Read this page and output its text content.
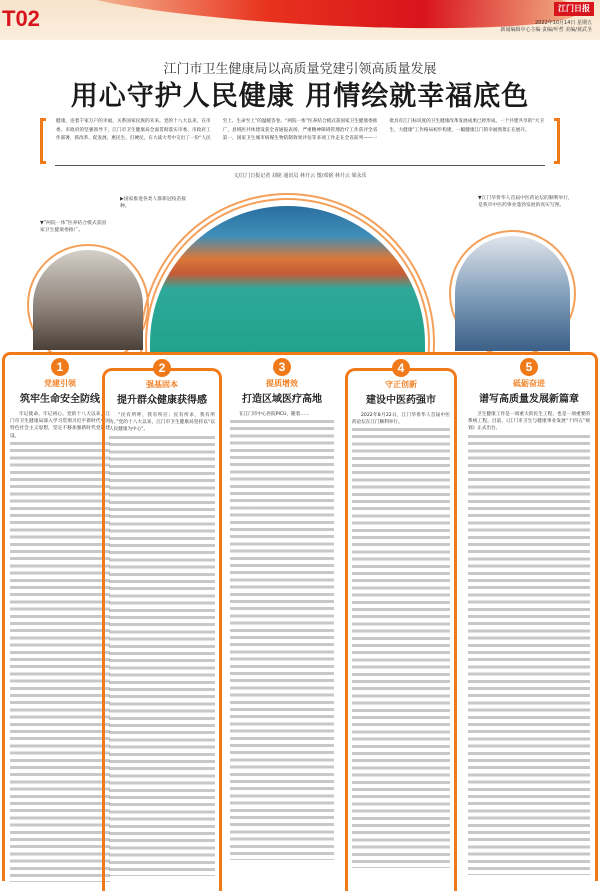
T02	江门日报
2022年10月14日 星期五
新闻编辑中心主编 责编/叶哲 美编/黄武圣
江门市卫生健康局以高质量党建引领高质量发展
用心守护人民健康 用情绘就幸福底色
健康，连着千家万户的幸福，关系国家民族的未来。党的十八大以来，在市委、市政府的坚强领导下，江门市卫生健康局全面贯彻落实市委、市政府工作部署，抓改革、促发展、惠民生、打硬仗，在大战大考中交出了一份“人民至上、生命至上”的温暖答卷。“两院一体”医养结合模式获国家卫生健康委推广，县域医共体建设获全省通报表扬，严重精神障碍管理治疗工作获评全省第一，国家卫生城市病媒生物防制效果评估等多项工作走在全省前列——一批具有江门标识度的卫生健康改革发展成果已经形成，一个共建共享的“大卫生、大健康”工作格局初步构建，一幅健康江门的幸福图景正在展开。
文/江门日报记者 刘铭 通讯员 林升云 图/邓铭 林升云 梁永乐
▶国家推进各类人群新冠疫苗接种。
▼“两院一体”医养结合模式获国家卫生健康委推广。
▼江门华侨华人首届中医药论坛的顺利举行，是我市中医药事业蓬勃发展的真实写照。
1
党建引领
筑牢生命安全防线
牢记使命、牢记初心。党的十八大以来，江门市卫生健康局深入学习贯彻习近平新时代中国特色社会主义思想，坚定不移加强新时代党的建设。
2
强基固本
提升群众健康获得感
“民有所呼，我有所应；民有所求，我有所为。”党的十八大以来，江门市卫生健康局坚持以“以人民健康为中心”。
3
提质增效
打造区域医疗高地
在江门市中心医院PICU，随着……
4
守正创新
建设中医药强市
2022年8月22日，江门华侨华人首届中医药论坛在江门顺利举行。
5
砥砺奋进
谱写高质量发展新篇章
卫生健康工作是一项重大的民生工程，也是一项重要的系统工程。目前，《江门市卫生与健康事业发展“十四五”规划》正式出台。
